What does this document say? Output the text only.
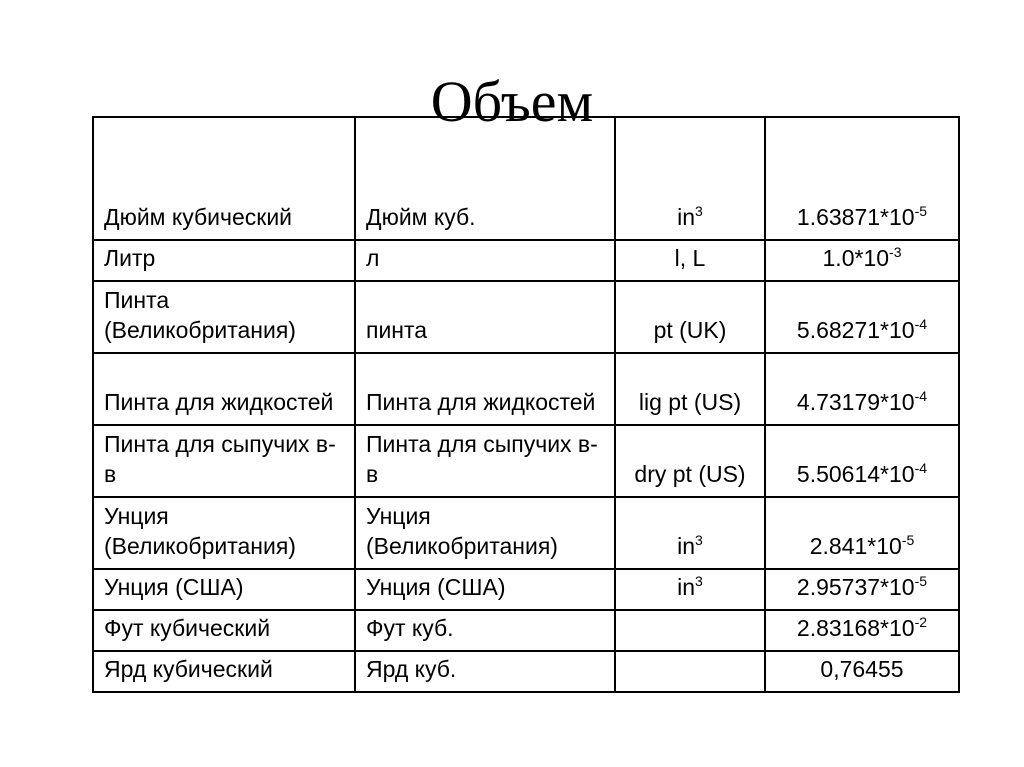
Объем
Дюйм кубический	Дюйм куб.	$in^3$	$1.63871*10^{-5}$
Литр	л	l, L	$1.0*10^{-3}$
Пинта (Великобритания)	пинта	pt (UK)	$5.68271*10^{-4}$
Пинта для жидкостей	Пинта для жидкостей	lig pt (US)	$4.73179*10^{-4}$
Пинта для сыпучих в-в	Пинта для сыпучих в-в	dry pt (US)	$5.50614*10^{-4}$
Унция (Великобритания)	Унция (Великобритания)	$in^3$	$2.841*10^{-5}$
Унция (США)	Унция (США)	$in^3$	$2.95737*10^{-5}$
Фут кубический	Фут куб.		$2.83168*10^{-2}$
Ярд кубический	Ярд куб.		0,76455
